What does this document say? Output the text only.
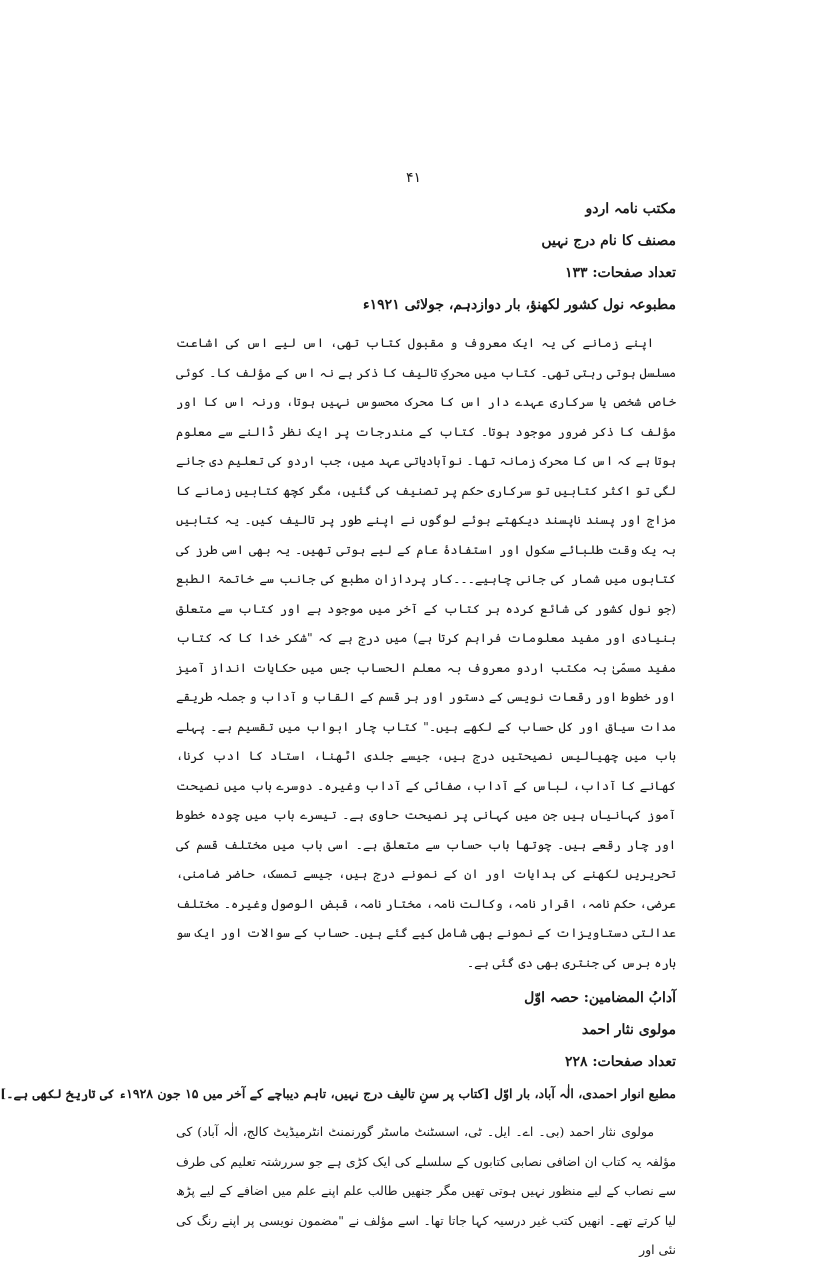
۴۱
مکتب نامہ اردو
مصنف کا نام درج نہیں
تعداد صفحات: ۱۳۳
مطبوعہ نول کشور لکھنؤ، بار دوازدہم، جولائی ۱۹۲۱ء

اپنے زمانے کی یہ ایک معروف و مقبول کتاب تھی، اس لیے اس کی اشاعت مسلسل ہوتی رہتی تھی۔ کتاب میں محرکِ تالیف کا ذکر ہے نہ اس کے مؤلف کا۔ کوئی خاص شخص یا سرکاری عہدے دار اس کا محرک محسوس نہیں ہوتا، ورنہ اس کا اور مؤلف کا ذکر ضرور موجود ہوتا۔ کتاب کے مندرجات پر ایک نظر ڈالنے سے معلوم ہوتا ہے کہ اس کا محرک زمانہ تھا۔ نوآبادیاتی عہد میں، جب اردو کی تعلیم دی جانے لگی تو اکثر کتابیں تو سرکاری حکم پر تصنیف کی گئیں، مگر کچھ کتابیں زمانے کا مزاج اور پسند ناپسند دیکھتے ہوئے لوگوں نے اپنے طور پر تالیف کیں۔ یہ کتابیں بہ یک وقت طلبائے سکول اور استفادۂ عام کے لیے ہوتی تھیں۔ یہ بھی اسی طرز کی کتابوں میں شمار کی جانی چاہیے۔۔۔کار پردازانِ مطبع کی جانب سے خاتمۃ الطبع (جو نول کشور کی شائع کردہ ہر کتاب کے آخر میں موجود ہے اور کتاب سے متعلق بنیادی اور مفید معلومات فراہم کرتا ہے) میں درج ہے کہ "شکر خدا کا کہ کتاب مفید مسمّیٰ بہ مکتب اردو معروف بہ معلم الحساب جس میں حکایات انداز آمیز اور خطوط اور رقعات نویسی کے دستور اور ہر قسم کے القاب و آداب و جملہ طریقے مدات سیاق اور کل حساب کے لکھے ہیں۔" کتاب چار ابواب میں تقسیم ہے۔ پہلے باب میں چھیالیس نصیحتیں درج ہیں، جیسے جلدی اٹھنا، استاد کا ادب کرنا، کھانے کا آداب، لباس کے آداب، صفائی کے آداب وغیرہ۔ دوسرے باب میں نصیحت آموز کہانیاں ہیں جن میں کہانی پر نصیحت حاوی ہے۔ تیسرے باب میں چودہ خطوط اور چار رقعے ہیں۔ چوتھا باب حساب سے متعلق ہے۔ اسی باب میں مختلف قسم کی تحریریں لکھنے کی ہدایات اور ان کے نمونے درج ہیں، جیسے تمسک، حاضر ضامنی، عرضی، حکم نامہ، اقرار نامہ، وکالت نامہ، مختار نامہ، قبض الوصول وغیرہ۔ مختلف عدالتی دستاویزات کے نمونے بھی شامل کیے گئے ہیں۔ حساب کے سوالات اور ایک سو بارہ برس کی جنتری بھی دی گئی ہے۔

آدابُ المضامین: حصہ اوّل
مولوی نثار احمد
تعداد صفحات: ۲۲۸
مطبع انوار احمدی، الٰہ آباد، بار اوّل [کتاب پر سنِ تالیف درج نہیں، تاہم دیباچے کے آخر میں ۱۵ جون ۱۹۲۸ء کی تاریخ لکھی ہے۔]

مولوی نثار احمد (بی۔ اے۔ ایل۔ ٹی، اسسٹنٹ ماسٹر گورنمنٹ انٹرمیڈیٹ کالج، الٰہ آباد) کی مؤلفہ یہ کتاب ان اضافی نصابی کتابوں کے سلسلے کی ایک کڑی ہے جو سررشتہ تعلیم کی طرف سے نصاب کے لیے منظور نہیں ہوتی تھیں مگر جنھیں طالب علم اپنے علم میں اضافے کے لیے پڑھ لیا کرتے تھے۔ انھیں کتب غیر درسیہ کہا جاتا تھا۔ اسے مؤلف نے "مضمون نویسی پر اپنے رنگ کی نئی اور
